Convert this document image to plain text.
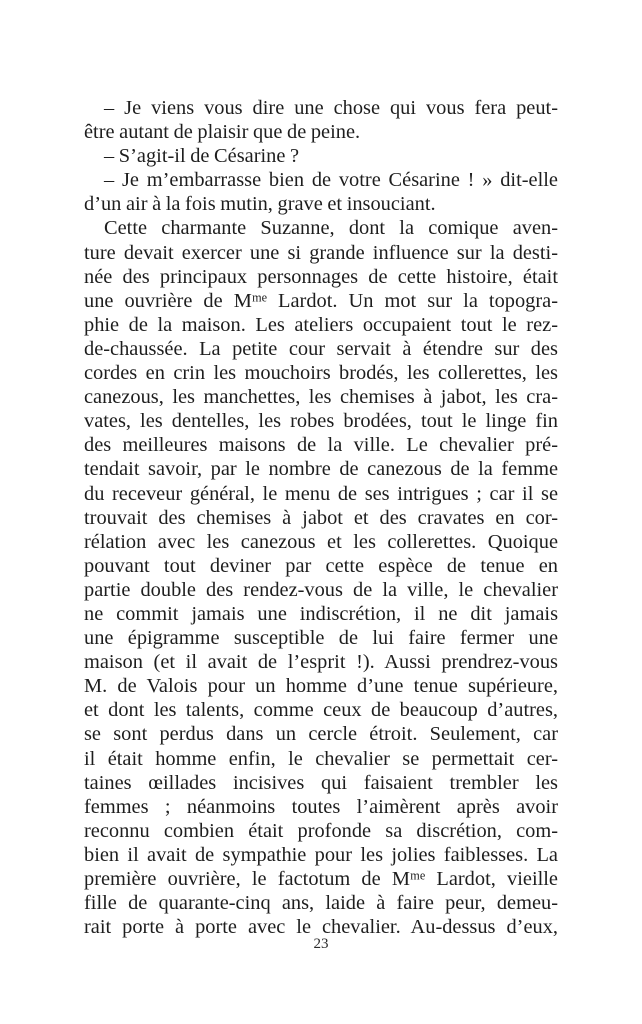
– Je viens vous dire une chose qui vous fera peut-
être autant de plaisir que de peine.
– S’agit-il de Césarine ?
– Je m’embarrasse bien de votre Césarine ! » dit-elle
d’un air à la fois mutin, grave et insouciant.
Cette charmante Suzanne, dont la comique aven-
ture devait exercer une si grande influence sur la desti-
née des principaux personnages de cette histoire, était
une ouvrière de Mᵐᵉ Lardot. Un mot sur la topogra-
phie de la maison. Les ateliers occupaient tout le rez-
de-chaussée. La petite cour servait à étendre sur des
cordes en crin les mouchoirs brodés, les collerettes, les
canezous, les manchettes, les chemises à jabot, les cra-
vates, les dentelles, les robes brodées, tout le linge fin
des meilleures maisons de la ville. Le chevalier pré-
tendait savoir, par le nombre de canezous de la femme
du receveur général, le menu de ses intrigues ; car il se
trouvait des chemises à jabot et des cravates en cor-
rélation avec les canezous et les collerettes. Quoique
pouvant tout deviner par cette espèce de tenue en
partie double des rendez-vous de la ville, le chevalier
ne commit jamais une indiscrétion, il ne dit jamais
une épigramme susceptible de lui faire fermer une
maison (et il avait de l’esprit !). Aussi prendrez-vous
M. de Valois pour un homme d’une tenue supérieure,
et dont les talents, comme ceux de beaucoup d’autres,
se sont perdus dans un cercle étroit. Seulement, car
il était homme enfin, le chevalier se permettait cer-
taines œillades incisives qui faisaient trembler les
femmes ; néanmoins toutes l’aimèrent après avoir
reconnu combien était profonde sa discrétion, com-
bien il avait de sympathie pour les jolies faiblesses. La
première ouvrière, le factotum de Mᵐᵉ Lardot, vieille
fille de quarante-cinq ans, laide à faire peur, demeu-
rait porte à porte avec le chevalier. Au-dessus d’eux,
23
